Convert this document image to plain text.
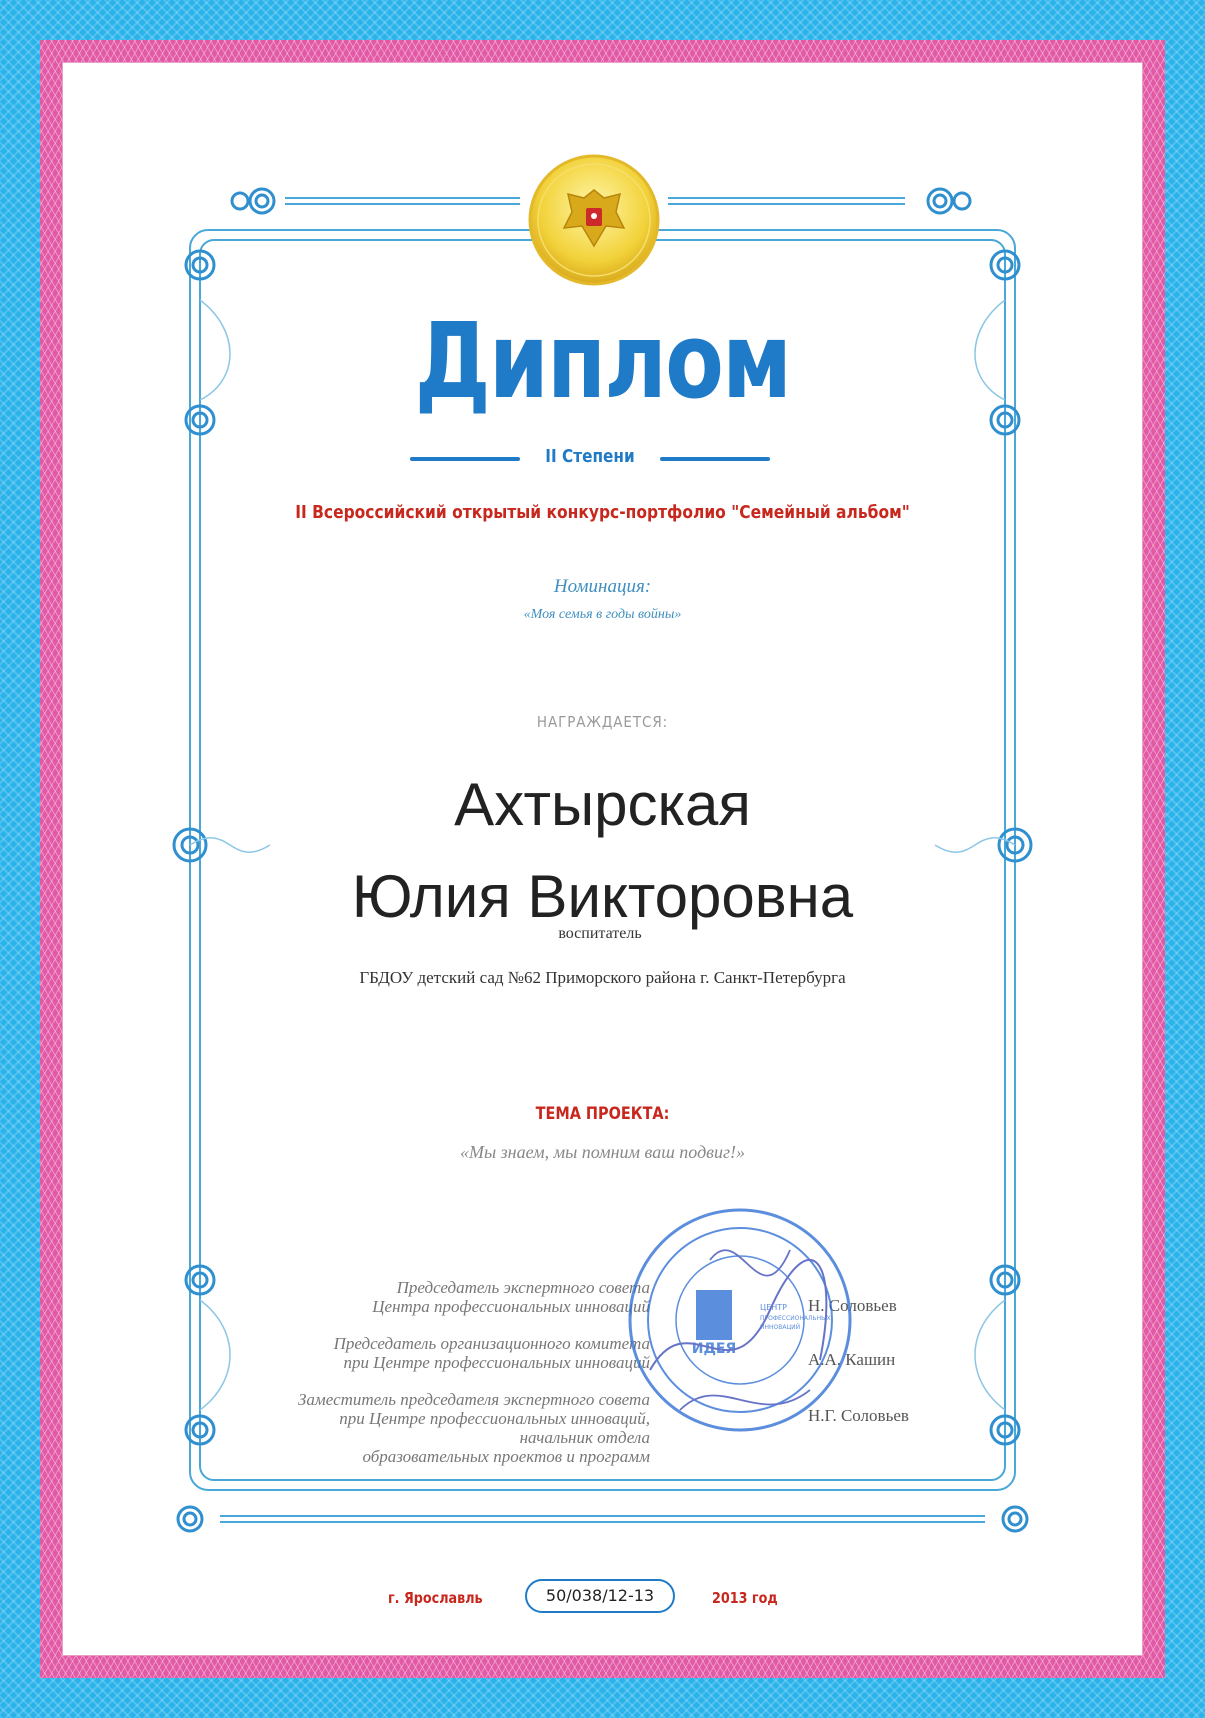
Диплом
II Степени
II Всероссийский открытый конкурс-портфолио "Семейный альбом"
Номинация:
«Моя семья в годы войны»
НАГРАЖДАЕТСЯ:
Ахтырская
Юлия Викторовна
воспитатель
ГБДОУ детский сад №62 Приморского района г. Санкт-Петербурга
ТЕМА ПРОЕКТА:
«Мы знаем, мы помним ваш подвиг!»
Председатель экспертного совета
Центра профессиональных инноваций	Н. Соловьев
Председатель организационного комитета
при Центре профессиональных инноваций	А.А. Кашин
Заместитель председателя экспертного совета
при Центре профессиональных инноваций,
начальник отдела
образовательных проектов и программ
Н.Г. Соловьев
ИДЕЯ
ЦЕНТР
ПРОФЕССИОНАЛЬНЫХ
ИННОВАЦИЙ
г. Ярославль	50/038/12-13	2013 год
